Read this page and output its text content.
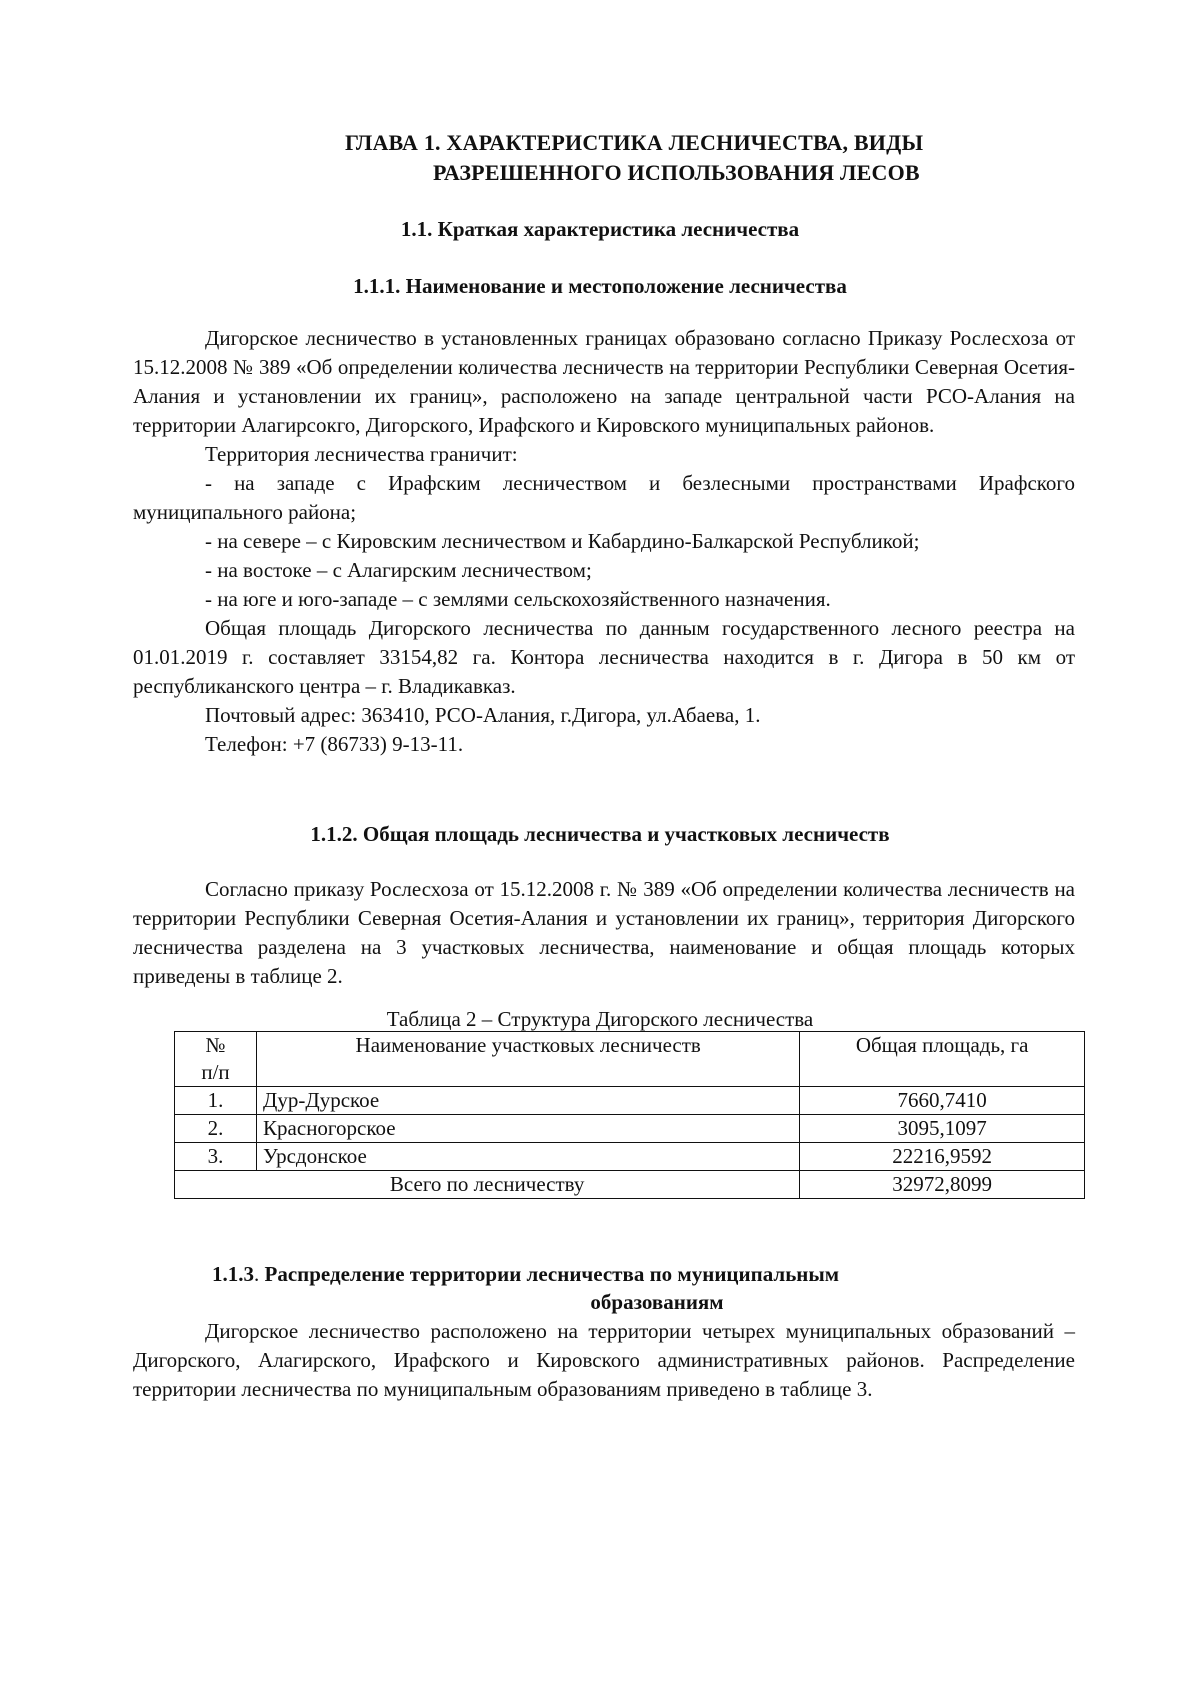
ГЛАВА 1. ХАРАКТЕРИСТИКА ЛЕСНИЧЕСТВА, ВИДЫ
РАЗРЕШЕННОГО ИСПОЛЬЗОВАНИЯ ЛЕСОВ
1.1. Краткая характеристика лесничества
1.1.1. Наименование и местоположение лесничества

Дигорское лесничество в установленных границах образовано согласно Приказу Рослесхоза от 15.12.2008 № 389 «Об определении количества лесничеств на территории Республики Северная Осетия-Алания и установлении их границ», расположено на западе центральной части РСО-Алания на территории Алагирсокго, Дигорского, Ирафского и Кировского муниципальных районов.

Территория лесничества граничит:

- на западе с Ирафским лесничеством и безлесными пространствами Ирафского муниципального района;

- на севере – с Кировским лесничеством и Кабардино-Балкарской Республикой;

- на востоке – с Алагирским лесничеством;

- на юге и юго-западе – с землями сельскохозяйственного назначения.

Общая площадь Дигорского лесничества по данным государственного лесного реестра на 01.01.2019 г. составляет 33154,82 га. Контора лесничества находится в г. Дигора в 50 км от республиканского центра – г. Владикавказ.

Почтовый адрес: 363410, РСО-Алания, г.Дигора, ул.Абаева, 1.

Телефон: +7 (86733) 9-13-11.

1.1.2. Общая площадь лесничества и участковых лесничеств

Согласно приказу Рослесхоза от 15.12.2008 г. № 389 «Об определении количества лесничеств на территории Республики Северная Осетия-Алания и установлении их границ», территория Дигорского лесничества разделена на 3 участковых лесничества, наименование и общая площадь которых приведены в таблице 2.

Таблица 2 – Структура Дигорского лесничества
№
п/п	Наименование участковых лесничеств	Общая площадь, га
1.	Дур-Дурское	7660,7410
2.	Красногорское	3095,1097
3.	Урсдонское	22216,9592
Всего по лесничеству		32972,8099
1.1.3. Распределение территории лесничества по муниципальным
образованиям

Дигорское лесничество расположено на территории четырех муниципальных образований – Дигорского, Алагирского, Ирафского и Кировского административных районов. Распределение территории лесничества по муниципальным образованиям приведено в таблице 3.
